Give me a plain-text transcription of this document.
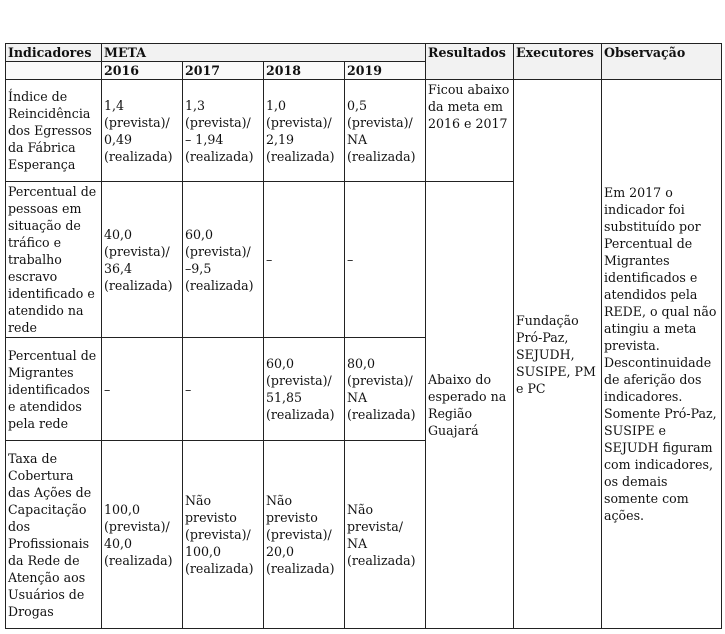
Indicadores	META				Resultados	Executores	Observação
	2016	2017	2018	2019			
Índice de Reincidência dos Egressos da Fábrica Esperança	1,4 (prevista)/ 0,49 (realizada)	1,3 (prevista)/ – 1,94 (realizada)	1,0 (prevista)/ 2,19 (realizada)	0,5 (prevista)/ NA (realizada)	Ficou abaixo da meta em 2016 e 2017	Fundação Pró-Paz, SEJUDH, SUSIPE, PM e PC	Em 2017 o indicador foi substituído por Percentual de Migrantes identificados e atendidos pela REDE, o qual não atingiu a meta prevista. Descontinuidade de aferição dos indicadores. Somente Pró-Paz, SUSIPE e SEJUDH figuram com indicadores, os demais somente com ações.
Percentual de pessoas em situação de tráfico e trabalho escravo identificado e atendido na rede	40,0 (prevista)/ 36,4 (realizada)	60,0 (prevista)/ –9,5 (realizada)	–	–	Abaixo do esperado na Região Guajará		
Percentual de Migrantes identificados e atendidos pela rede	–	–	60,0 (prevista)/ 51,85 (realizada)	80,0 (prevista)/ NA (realizada)			
Taxa de Cobertura das Ações de Capacitação dos Profissionais da Rede de Atenção aos Usuários de Drogas	100,0 (prevista)/ 40,0 (realizada)	Não previsto (prevista)/ 100,0 (realizada)	Não previsto (prevista)/ 20,0 (realizada)	Não prevista/ NA (realizada)			
